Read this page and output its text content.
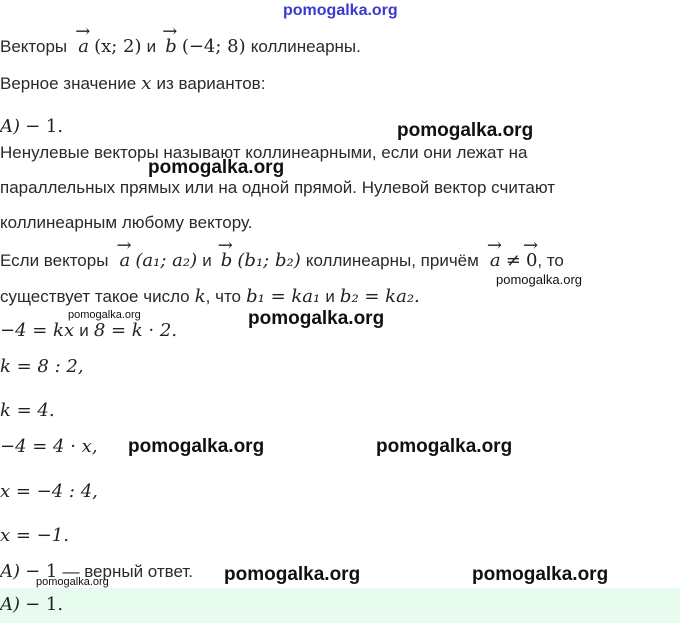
pomogalka.org
Векторы
→
a (x; 2) и
→
b (−4; 8) коллинеарны.
Верное значение x из вариантов:
A) − 1.	pomogalka.org
Ненулевые векторы называют коллинеарными, если они лежат на
pomogalka.org
параллельных прямых или на одной прямой. Нулевой вектор считают
коллинеарным любому вектору.
Если векторы
→
a (a₁; a₂) и
→
b (b₁; b₂) коллинеарны, причём
→
a ≠
→
0, то
pomogalka.org
существует такое число k, что b₁ = ka₁ и b₂ = ka₂.
pomogalka.org
−4 = kx и 8 = k · 2.
pomogalka.org
k = 8 : 2,
k = 4.
−4 = 4 · x, pomogalka.org	pomogalka.org
x = −4 : 4,
x = −1.
A) − 1 — верный ответ.
pomogalka.org	pomogalka.org	pomogalka.org
A) − 1.
